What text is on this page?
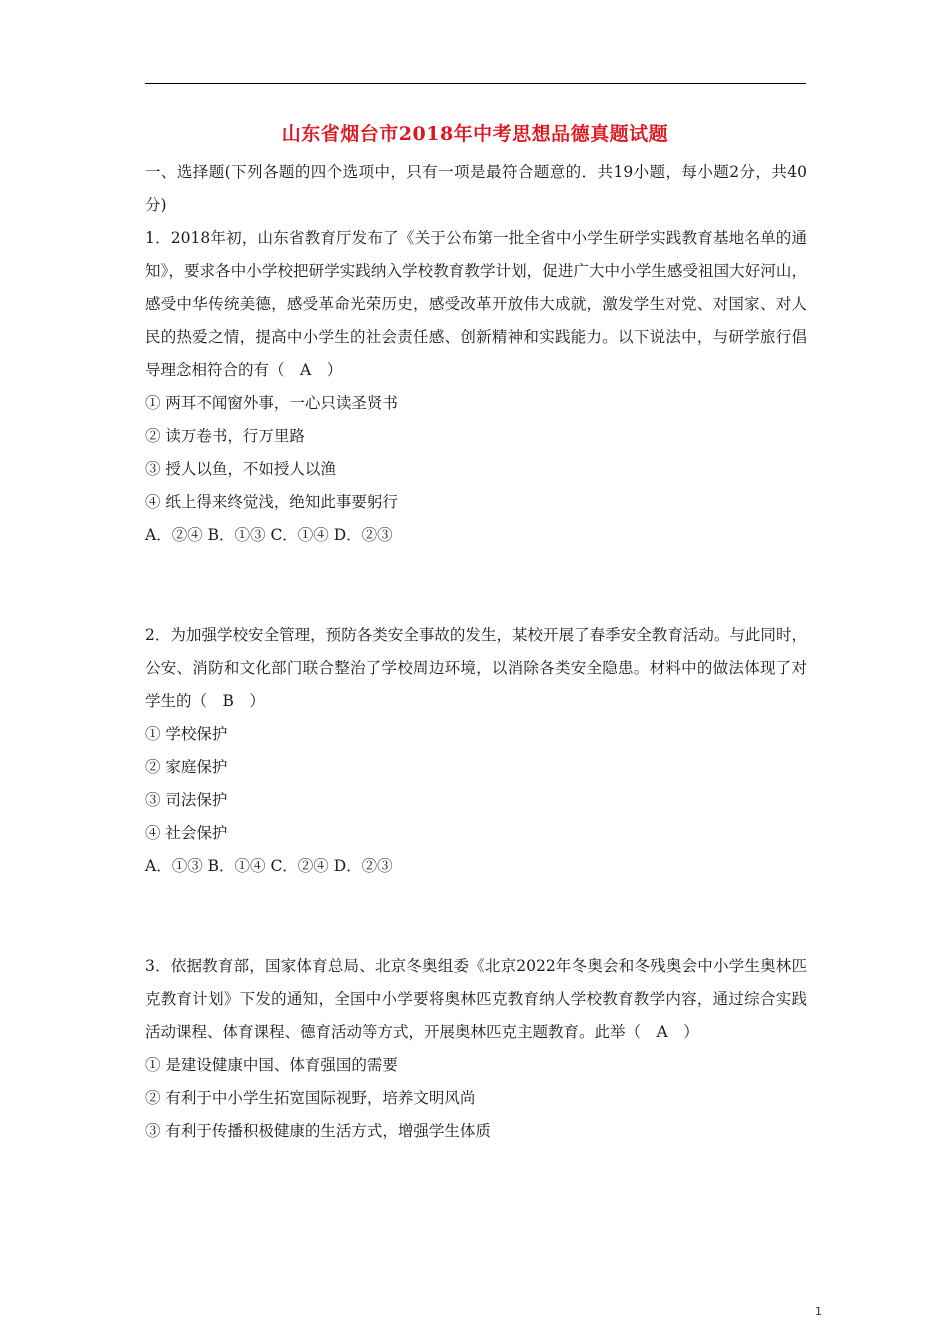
山东省烟台市2018年中考思想品德真题试题

一、选择题(下列各题的四个选项中，只有一项是最符合题意的．共19小题，每小题2分，共40分)

1．2018年初，山东省教育厅发布了《关于公布第一批全省中小学生研学实践教育基地名单的通知》，要求各中小学校把研学实践纳入学校教育教学计划，促进广大中小学生感受祖国大好河山，感受中华传统美德，感受革命光荣历史，感受改革开放伟大成就，激发学生对党、对国家、对人民的热爱之情，提高中小学生的社会责任感、创新精神和实践能力。以下说法中，与研学旅行倡导理念相符合的有（　A　）

① 两耳不闻窗外事，一心只读圣贤书

② 读万卷书，行万里路

③ 授人以鱼，不如授人以渔

④ 纸上得来终觉浅，绝知此事要躬行

A．②④ B．①③ C．①④ D．②③

2．为加强学校安全管理，预防各类安全事故的发生，某校开展了春季安全教育活动。与此同时，公安、消防和文化部门联合整治了学校周边环境，以消除各类安全隐患。材料中的做法体现了对学生的（　B　）

① 学校保护

② 家庭保护

③ 司法保护

④ 社会保护

A．①③ B．①④ C．②④ D．②③

3．依据教育部，国家体育总局、北京冬奥组委《北京2022年冬奥会和冬残奥会中小学生奥林匹克教育计划》下发的通知，全国中小学要将奥林匹克教育纳人学校教育教学内容，通过综合实践活动课程、体育课程、德育活动等方式，开展奥林匹克主题教育。此举（　A　）

① 是建设健康中国、体育强国的需要

② 有利于中小学生拓宽国际视野，培养文明风尚

③ 有利于传播积极健康的生活方式，增强学生体质

1
